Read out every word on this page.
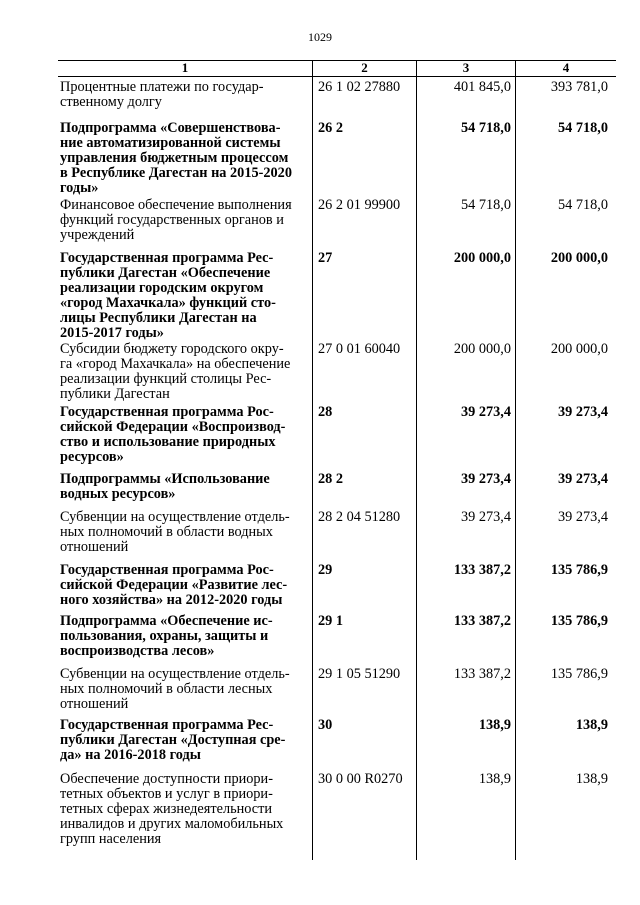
1029
1	2	3	4
Процентные платежи по государ-
ственному долгу
26 1 02 27880	401 845,0	393 781,0
Подпрограмма «Совершенствова-
ние автоматизированной системы
управления бюджетным процессом
в Республике Дагестан на 2015-2020
годы»
26 2	54 718,0	54 718,0
Финансовое обеспечение выполнения
функций государственных органов и
учреждений
26 2 01 99900	54 718,0	54 718,0
Государственная программа Рес-
публики Дагестан «Обеспечение
реализации городским округом
«город Махачкала» функций сто-
лицы Республики Дагестан на
2015-2017 годы»
27	200 000,0	200 000,0
Субсидии бюджету городского окру-
га «город Махачкала» на обеспечение
реализации функций столицы Рес-
публики Дагестан
27 0 01 60040	200 000,0	200 000,0
Государственная программа Рос-
сийской Федерации «Воспроизвод-
ство и использование природных
ресурсов»
28	39 273,4	39 273,4
Подпрограммы «Использование
водных ресурсов»
28 2	39 273,4	39 273,4
Субвенции на осуществление отдель-
ных полномочий в области водных
отношений
28 2 04 51280	39 273,4	39 273,4
Государственная программа Рос-
сийской Федерации «Развитие лес-
ного хозяйства» на 2012-2020 годы
29	133 387,2	135 786,9
Подпрограмма «Обеспечение ис-
пользования, охраны, защиты и
воспроизводства лесов»
29 1	133 387,2	135 786,9
Субвенции на осуществление отдель-
ных полномочий в области лесных
отношений
29 1 05 51290	133 387,2	135 786,9
Государственная программа Рес-
публики Дагестан «Доступная сре-
да» на 2016-2018 годы
30	138,9	138,9
Обеспечение доступности приори-
тетных объектов и услуг в приори-
тетных сферах жизнедеятельности
инвалидов и других маломобильных
групп населения
30 0 00 R0270	138,9	138,9
